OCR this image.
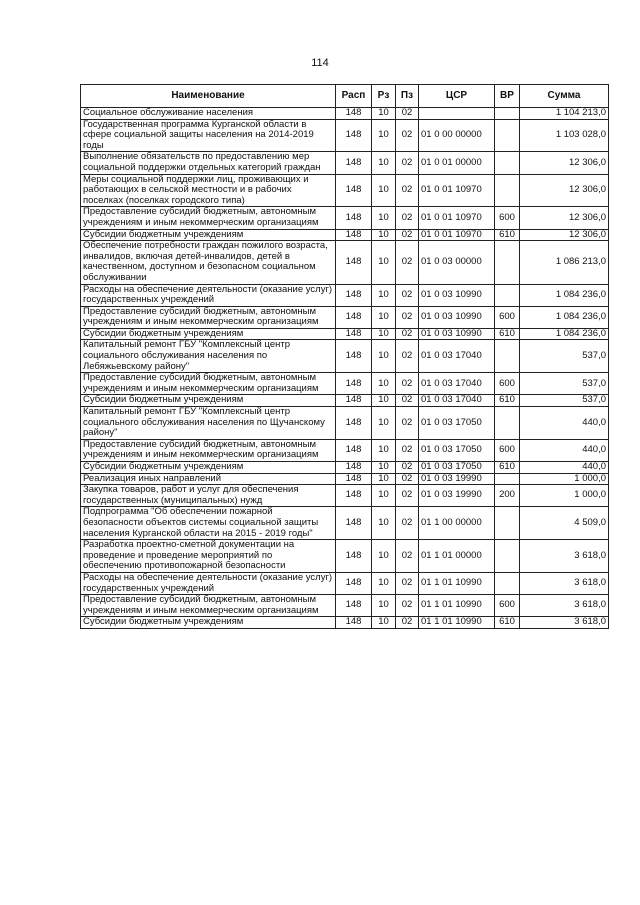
114
Наименование	Расп	Рз	Пз	ЦСР	ВР	Сумма
Социальное обслуживание населения	148	10	02			1 104 213,0
Государственная программа Курганской области в сфере социальной защиты населения на 2014-2019 годы	148	10	02	01 0 00 00000		1 103 028,0
Выполнение обязательств по предоставлению мер социальной поддержки отдельных категорий граждан	148	10	02	01 0 01 00000		12 306,0
Меры социальной поддержки лиц, проживающих и работающих в сельской местности и в рабочих поселках (поселках городского типа)	148	10	02	01 0 01 10970		12 306,0
Предоставление субсидий бюджетным, автономным учреждениям и иным некоммерческим организациям	148	10	02	01 0 01 10970	600	12 306,0
Субсидии бюджетным учреждениям	148	10	02	01 0 01 10970	610	12 306,0
Обеспечение потребности граждан пожилого возраста, инвалидов, включая детей-инвалидов, детей в качественном, доступном и безопасном социальном обслуживании	148	10	02	01 0 03 00000		1 086 213,0
Расходы на обеспечение деятельности (оказание услуг) государственных учреждений	148	10	02	01 0 03 10990		1 084 236,0
Предоставление субсидий бюджетным, автономным учреждениям и иным некоммерческим организациям	148	10	02	01 0 03 10990	600	1 084 236,0
Субсидии бюджетным учреждениям	148	10	02	01 0 03 10990	610	1 084 236,0
Капитальный ремонт ГБУ "Комплексный центр социального обслуживания населения по Лебяжьевскому району"	148	10	02	01 0 03 17040		537,0
Предоставление субсидий бюджетным, автономным учреждениям и иным некоммерческим организациям	148	10	02	01 0 03 17040	600	537,0
Субсидии бюджетным учреждениям	148	10	02	01 0 03 17040	610	537,0
Капитальный ремонт ГБУ "Комплексный центр социального обслуживания населения по Щучанскому району"	148	10	02	01 0 03 17050		440,0
Предоставление субсидий бюджетным, автономным учреждениям и иным некоммерческим организациям	148	10	02	01 0 03 17050	600	440,0
Субсидии бюджетным учреждениям	148	10	02	01 0 03 17050	610	440,0
Реализация иных направлений	148	10	02	01 0 03 19990		1 000,0
Закупка товаров, работ и услуг для обеспечения государственных (муниципальных) нужд	148	10	02	01 0 03 19990	200	1 000,0
Подпрограмма "Об обеспечении пожарной безопасности объектов системы социальной защиты населения Курганской области на 2015 - 2019 годы"	148	10	02	01 1 00 00000		4 509,0
Разработка проектно-сметной документации на проведение и проведение мероприятий по обеспечению противопожарной безопасности	148	10	02	01 1 01 00000		3 618,0
Расходы на обеспечение деятельности (оказание услуг) государственных учреждений	148	10	02	01 1 01 10990		3 618,0
Предоставление субсидий бюджетным, автономным учреждениям и иным некоммерческим организациям	148	10	02	01 1 01 10990	600	3 618,0
Субсидии бюджетным учреждениям	148	10	02	01 1 01 10990	610	3 618,0
